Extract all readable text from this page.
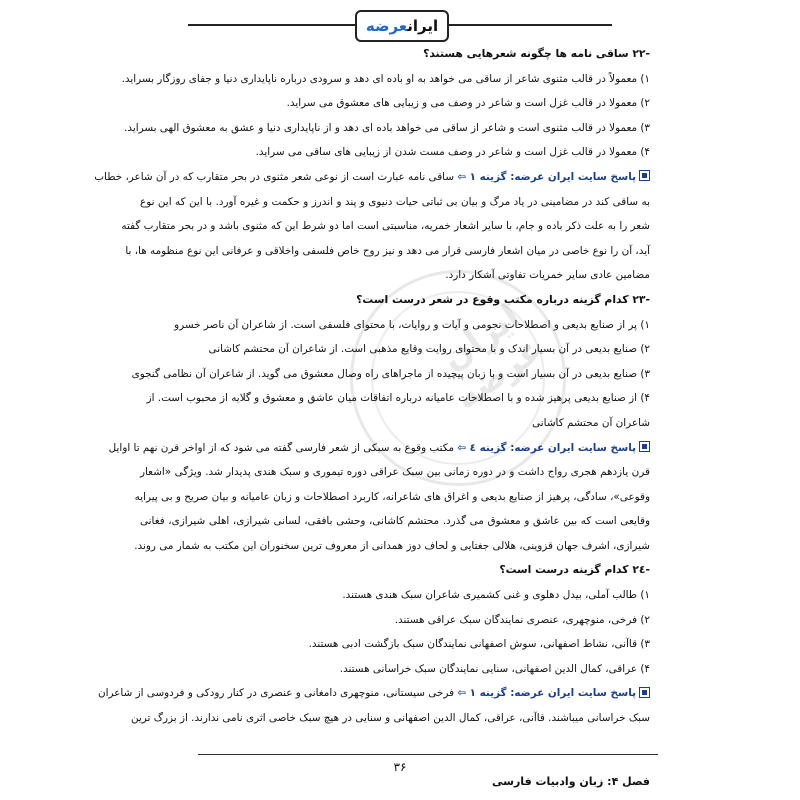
ایرانعرضه
ایران عرضه
-۲۲ ساقی نامه ها چگونه شعرهایی هستند؟
۱) معمولاً در قالب مثنوی شاعر از ساقی می خواهد به او باده ای دهد و سرودی درباره ناپایداری دنیا و جفای روزگار بسراید.
۲) معمولا در قالب غزل است و شاعر در وصف می و زیبایی های معشوق می سراید.
۳) معمولا در قالب مثنوی است و شاعر از ساقی می خواهد باده ای دهد و از ناپایداری دنیا و عشق به معشوق الهی بسراید.
۴) معمولا در قالب غزل است و شاعر در وصف مست شدن از زیبایی های ساقی می سراید.
پاسخ سایت ایران عرضه: گزینه ۱ ⇦ ساقی نامه عبارت است از نوعی شعر مثنوی در بحر متقارب که در آن شاعر، خطاب
به ساقی کند در مضامینی در یاد مرگ و بیان بی ثباتی حیات دنیوی و پند و اندرز و حکمت و غیره آورد. با این که این نوع
شعر را به علت ذکر باده و جام، با سایر اشعار خمریه، مناسبتی است اما دو شرط این که مثنوی باشد و در بحر متقارب گفته
آید، آن را نوع خاصی در میان اشعار فارسی قرار می دهد و نیز روح خاص فلسفی واخلاقی و عرفانی این نوع منظومه ها، با
مضامین عادی سایر خمریات تفاوتی آشکار دارد.
-۲۳ کدام گزینه درباره مکتب وقوع در شعر درست است؟
۱) پر از صنایع بدیعی و اصطلاحات نجومی و آیات و روایات، با محتوای فلسفی است. از شاعران آن ناصر خسرو
۲) صنایع بدیعی در آن بسیار اندک و با محتوای روایت وقایع مذهبی است. از شاعران آن محتشم کاشانی
۳) صنایع بدیعی در آن بسیار است و با زبان پیچیده از ماجراهای راه وصال معشوق می گوید. از شاعران آن نظامی گنجوی
۴) از صنایع بدیعی پرهیز شده و با اصطلاحات عامیانه درباره اتفاقات میان عاشق و معشوق و گلایه از محبوب است. از
شاعران آن محتشم کاشانی
پاسخ سایت ایران عرضه: گزینه ٤ ⇦ مکتب وقوع به سبکی از شعر فارسی گفته می شود که از اواخر قرن نهم تا اوایل
قرن یازدهم هجری رواج داشت و در دوره زمانی بین سبک عراقی دوره تیموری و سبک هندی پدیدار شد. ویژگی «اشعار
وقوعی»، سادگی، پرهیز از صنایع بدیعی و اغراق های شاعرانه، کاربرد اصطلاحات و زبان عامیانه و بیان صریح و بی پیرایه
وقایعی است که بین عاشق و معشوق می گذرد. محتشم کاشانی، وحشی بافقی، لسانی شیرازی، اهلی شیرازی، فغانی
شیرازی، اشرف جهان قزوینی، هلالی جغتایی و لحاف دوز همدانی از معروف ترین سخنوران این مکتب به شمار می روند.
-۲٤ کدام گزینه درست است؟
۱) طالب آملی، بیدل دهلوی و غنی کشمیری شاعران سبک هندی هستند.
۲) فرخی، منوچهری، عنصری نمایندگان سبک عراقی هستند.
۳) قاآنی، نشاط اصفهانی، سوش اصفهانی نمایندگان سبک بازگشت ادبی هستند.
۴) عراقی، کمال الدین اصفهانی، سنایی نمایندگان سبک خراسانی هستند.
پاسخ سایت ایران عرضه: گزینه ۱ ⇦ فرخی سیستانی، منوچهری دامغانی و عنصری در کنار رودکی و فردوسی از شاعران
سبک خراسانی میباشند. قاآنی، عراقی، کمال الدین اصفهانی و سنایی در هیچ سبک خاصی اثری نامی ندارند. از بزرگ ترین
۳۶
فصل ۴: زبان وادبیات فارسی
